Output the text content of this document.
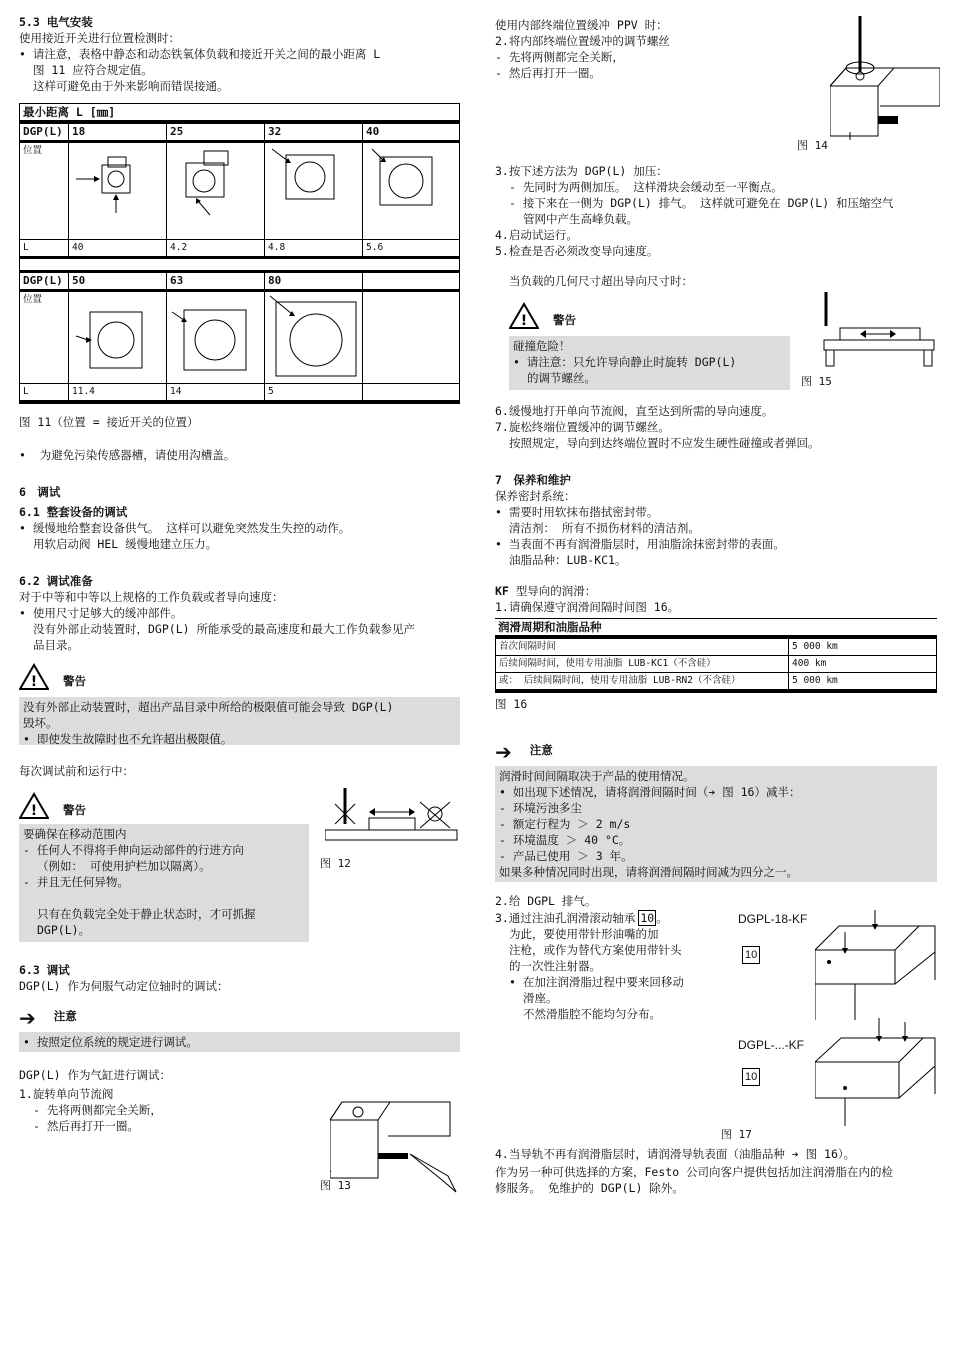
5.3 电气安装
使用接近开关进行位置检测时：
• 请注意，表格中静态和动态铁氧体负载和接近开关之间的最小距离 L
图 11 应符合规定值。
这样可避免由于外来影响而错误接通。
最小距离 L [㎜]
DGP(L)	18	25	32	40
位置	

L	40	4.2	4.8	5.6

DGP(L)	50	63	80	
位置	

L	11.4	14	5	
图 11（位置 = 接近开关的位置）
•  为避免污染传感器槽，请使用沟槽盖。
6　调试
6.1 整套设备的调试
• 缓慢地给整套设备供气。 这样可以避免突然发生失控的动作。
用软启动阀 HEL 缓慢地建立压力。
6.2 调试准备
对于中等和中等以上规格的工作负载或者导向速度：
• 使用尺寸足够大的缓冲部件。
没有外部止动装置时，DGP(L) 所能承受的最高速度和最大工作负载参见产
品目录。
! 警告
没有外部止动装置时，超出产品目录中所给的极限值可能会导致 DGP(L)
毁坏。
• 即使发生故障时也不允许超出极限值。
每次调试前和运行中：
! 警告
要确保在移动范围内
- 任何人不得将手伸向运动部件的行进方向
（例如： 可使用护栏加以隔离）。
- 并且无任何异物。
只有在负载完全处于静止状态时，才可抓握
DGP(L)。
图 12
6.3 调试
DGP(L) 作为伺服气动定位轴时的调试：
➔ 注意
• 按照定位系统的规定进行调试。
DGP(L) 作为气缸进行调试：
1.旋转单向节流阀
- 先将两侧都完全关断，
- 然后再打开一圈。
图 13
使用内部终端位置缓冲 PPV 时：
2.将内部终端位置缓冲的调节螺丝
- 先将两侧都完全关断，
- 然后再打开一圈。
图 14
3.按下述方法为 DGP(L) 加压：
- 先同时为两侧加压。 这样滑块会缓动至一平衡点。
- 接下来在一侧为 DGP(L) 排气。 这样就可避免在 DGP(L) 和压缩空气
管网中产生高峰负载。
4.启动试运行。
5.检查是否必须改变导向速度。
当负载的几何尺寸超出导向尺寸时：
! 警告
碰撞危险！
• 请注意：只允许导向静止时旋转 DGP(L)
的调节螺丝。	图 15
6.缓慢地打开单向节流阀，直至达到所需的导向速度。
7.旋松终端位置缓冲的调节螺丝。
按照规定，导向到达终端位置时不应发生硬性碰撞或者弹回。
7　保养和维护
保养密封系统：
• 需要时用软抹布揩拭密封带。
清洁剂： 所有不损伤材料的清洁剂。
• 当表面不再有润滑脂层时，用油脂涂抹密封带的表面。
油脂品种：LUB-KC1。
KF 型导向的润滑：
1.请确保遵守润滑间隔时间图 16。
润滑周期和油脂品种
首次间隔时间	5 000 km
后续间隔时间，使用专用油脂 LUB-KC1（不含硅）	400 km
或： 后续间隔时间，使用专用油脂 LUB-RN2（不含硅）	5 000 km
图 16
➔ 注意
润滑时间间隔取决于产品的使用情况。
• 如出现下述情况，请将润滑间隔时间（➔ 图 16）减半：
- 环境污浊多尘
- 额定行程为 ＞ 2 m/s
- 环境温度 ＞ 40 °C。
- 产品已使用 ＞ 3 年。
如果多种情况同时出现，请将润滑间隔时间减为四分之一。
2.给 DGPL 排气。
3.通过注油孔润滑滚动轴承 10 。
为此，要使用带针形油嘴的加
注枪，或作为替代方案使用带针头
的一次性注射器。
• 在加注润滑脂过程中要来回移动
滑座。
不然滑脂腔不能均匀分布。
DGPL-18-KF
10
DGPL-...-KF
10
图 17
4.当导轨不再有润滑脂层时，请润滑导轨表面（油脂品种 ➔ 图 16）。
作为另一种可供选择的方案，Festo 公司向客户提供包括加注润滑脂在内的检
修服务。 免维护的 DGP(L) 除外。
